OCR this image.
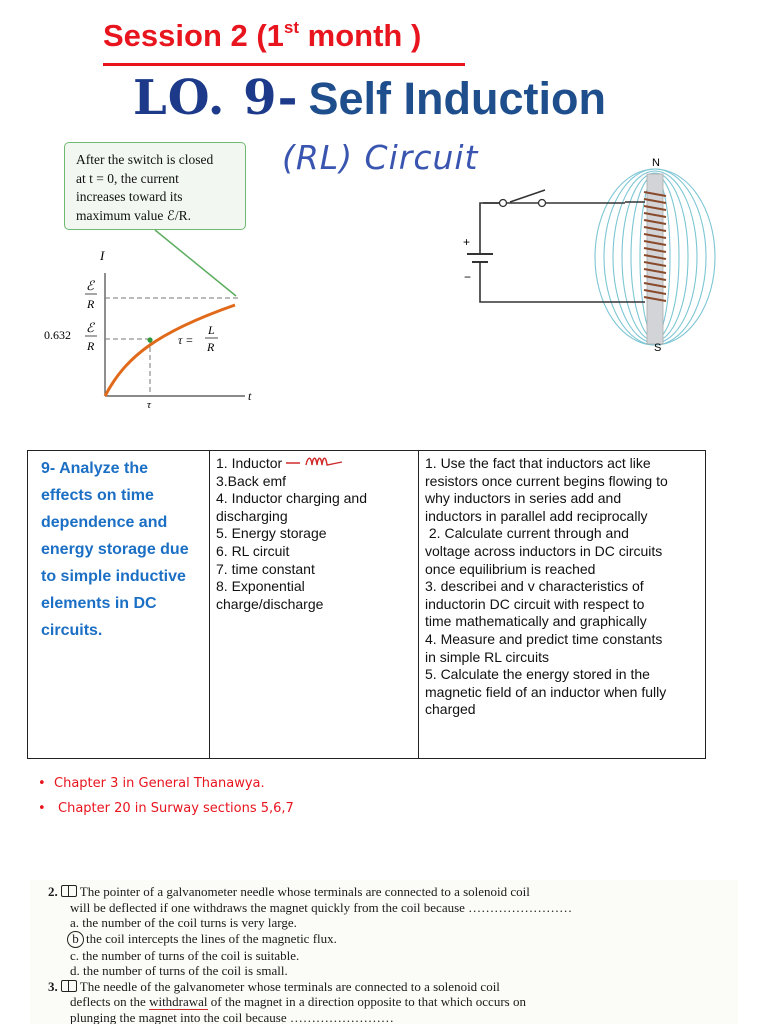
Session 2 (1st month )
LO. 9- Self Induction
(RL) Circuit
After the switch is closed
at t = 0, the current
increases toward its
maximum value ℰ/R.
I
t
ℰ
R
0.632 ℰ
R	τ =
L
R
τ
+
−
N
S
9- Analyze the
effects on time
dependence and
energy storage due
to simple inductive
elements in DC
circuits.

1. Inductor
3.Back emf
4. Inductor charging and
discharging
5. Energy storage
6. RL circuit
7. time constant
8. Exponential
charge/discharge

1. Use the fact that inductors act like
resistors once current begins flowing to
why inductors in series add and
inductors in parallel add reciprocally
2. Calculate current through and
voltage across inductors in DC circuits
once equilibrium is reached
3. describei and v characteristics of
inductorin DC circuit with respect to
time mathematically and graphically
4. Measure and predict time constants
in simple RL circuits
5. Calculate the energy stored in the
magnetic field of an inductor when fully
charged
• Chapter 3 in General Thanawya.
• Chapter 20 in Surway sections 5,6,7
2. The pointer of a galvanometer needle whose terminals are connected to a solenoid coil
will be deflected if one withdraws the magnet quickly from the coil because ……………………
a. the number of the coil turns is very large.
b the coil intercepts the lines of the magnetic flux.
c. the number of turns of the coil is suitable.
d. the number of turns of the coil is small.
3. The needle of the galvanometer whose terminals are connected to a solenoid coil
deflects on the withdrawal of the magnet in a direction opposite to that which occurs on
plunging the magnet into the coil because ……………………
